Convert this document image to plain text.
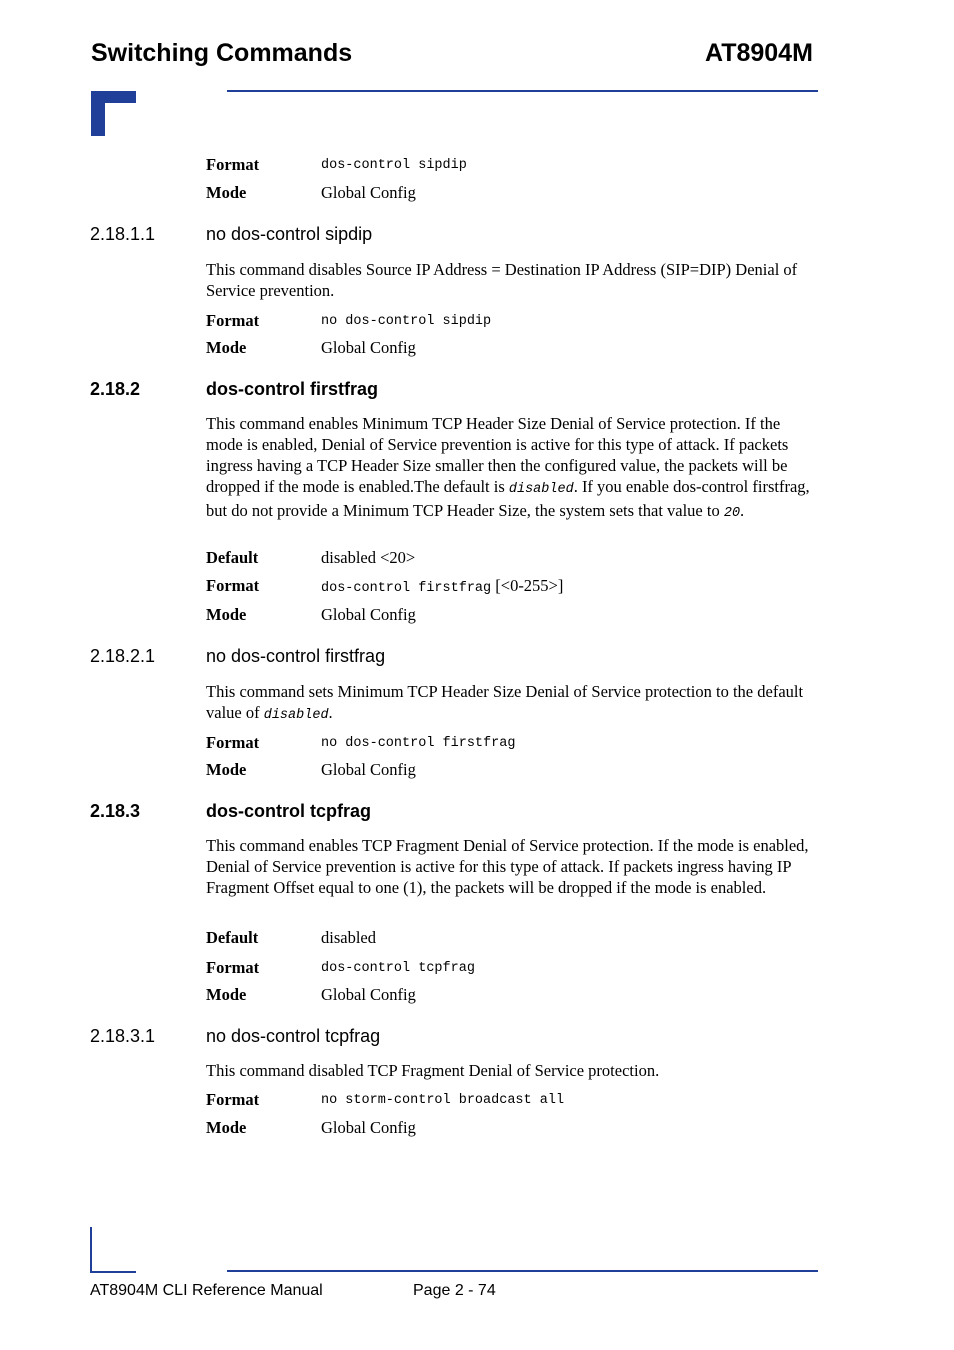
Switching Commands	AT8904M
Format	dos-control sipdip
Mode	Global Config
2.18.1.1	no dos-control sipdip
This command disables Source IP Address = Destination IP Address (SIP=DIP) Denial of Service prevention.
Format	no dos-control sipdip
Mode	Global Config
2.18.2	dos-control firstfrag
This command enables Minimum TCP Header Size Denial of Service protection. If the mode is enabled, Denial of Service prevention is active for this type of attack. If packets ingress having a TCP Header Size smaller then the configured value, the packets will be dropped if the mode is enabled.The default is disabled. If you enable dos-control firstfrag, but do not provide a Minimum TCP Header Size, the system sets that value to 20.
Default	disabled <20>
Format	dos-control firstfrag [<0-255>]
Mode	Global Config
2.18.2.1	no dos-control firstfrag
This command sets Minimum TCP Header Size Denial of Service protection to the default value of disabled.
Format	no dos-control firstfrag
Mode	Global Config
2.18.3	dos-control tcpfrag
This command enables TCP Fragment Denial of Service protection. If the mode is enabled, Denial of Service prevention is active for this type of attack. If packets ingress having IP Fragment Offset equal to one (1), the packets will be dropped if the mode is enabled.
Default	disabled
Format	dos-control tcpfrag
Mode	Global Config
2.18.3.1	no dos-control tcpfrag
This command disabled TCP Fragment Denial of Service protection.
Format	no storm-control broadcast all
Mode	Global Config
AT8904M CLI Reference Manual	Page 2 - 74
